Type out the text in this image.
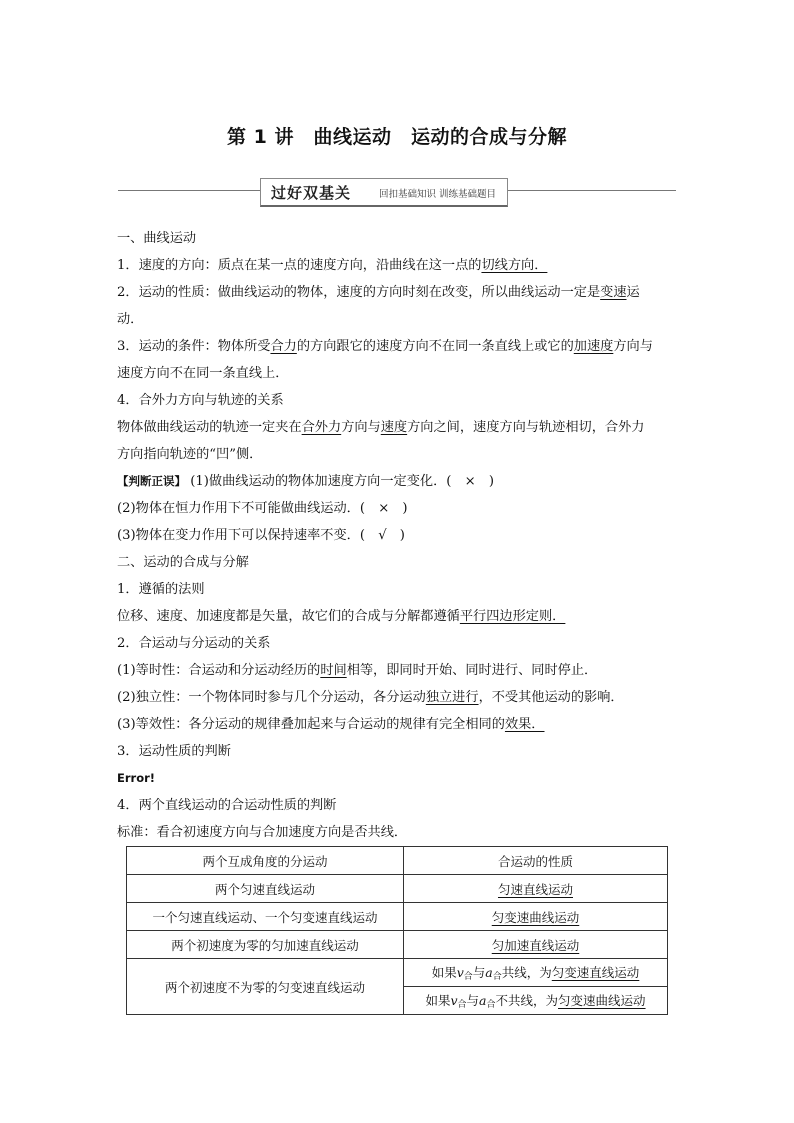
第 1 讲　曲线运动　运动的合成与分解
过好双基关	回扣基础知识 训练基础题目
一、曲线运动
1．速度的方向：质点在某一点的速度方向，沿曲线在这一点的切线方向．
2．运动的性质：做曲线运动的物体，速度的方向时刻在改变，所以曲线运动一定是变速运
动．
3．运动的条件：物体所受合力的方向跟它的速度方向不在同一条直线上或它的加速度方向与
速度方向不在同一条直线上．
4．合外力方向与轨迹的关系
物体做曲线运动的轨迹一定夹在合外力方向与速度方向之间，速度方向与轨迹相切，合外力
方向指向轨迹的“凹”侧．
【判断正误】 (1)做曲线运动的物体加速度方向一定变化．(　×　)
(2)物体在恒力作用下不可能做曲线运动．(　×　)
(3)物体在变力作用下可以保持速率不变．(　√　)
二、运动的合成与分解
1．遵循的法则
位移、速度、加速度都是矢量，故它们的合成与分解都遵循平行四边形定则．
2．合运动与分运动的关系
(1)等时性：合运动和分运动经历的时间相等，即同时开始、同时进行、同时停止．
(2)独立性：一个物体同时参与几个分运动，各分运动独立进行，不受其他运动的影响．
(3)等效性：各分运动的规律叠加起来与合运动的规律有完全相同的效果．
3．运动性质的判断
Error!
4．两个直线运动的合运动性质的判断
标准：看合初速度方向与合加速度方向是否共线．
两个互成角度的分运动	合运动的性质
两个匀速直线运动	匀速直线运动
一个匀速直线运动、一个匀变速直线运动	匀变速曲线运动
两个初速度为零的匀加速直线运动	匀加速直线运动
两个初速度不为零的匀变速直线运动	如果v合与a合共线，为匀变速直线运动
	如果v合与a合不共线，为匀变速曲线运动
